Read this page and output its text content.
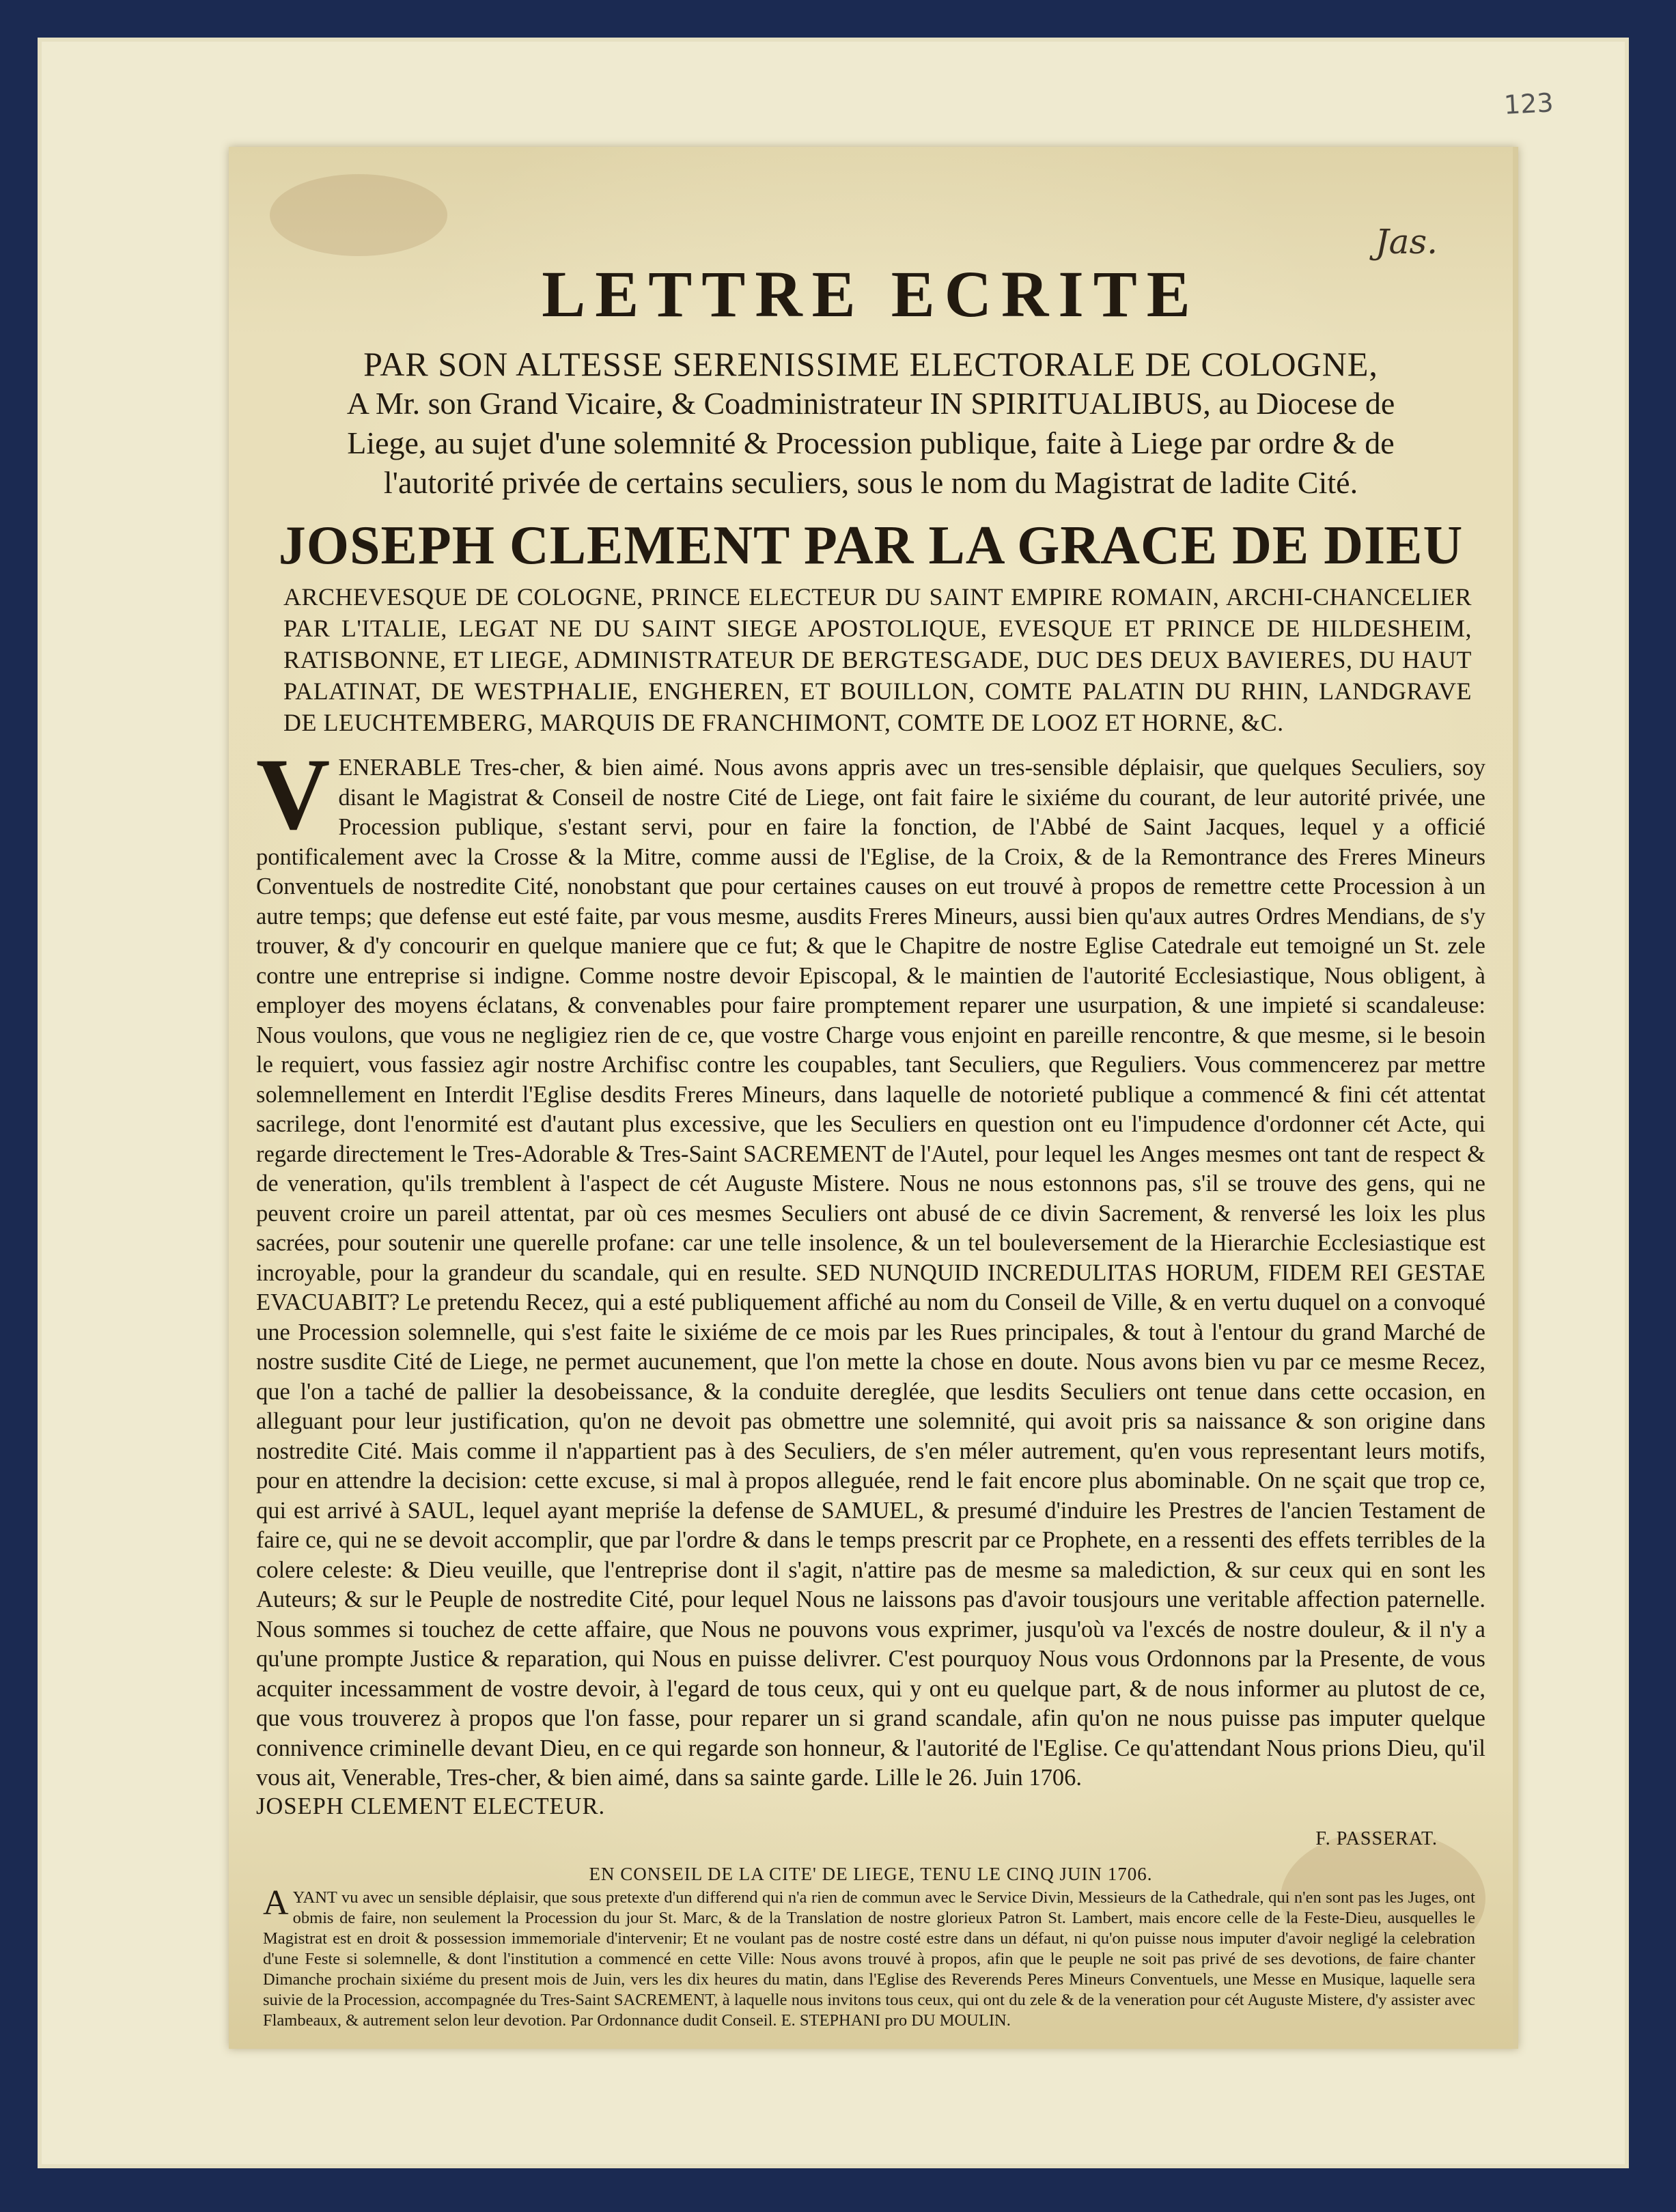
123
Jas.
LETTRE ECRITE

PAR SON ALTESSE SERENISSIME ELECTORALE DE COLOGNE,

A Mr. son Grand Vicaire, & Coadministrateur IN SPIRITUALIBUS, au Diocese de Liege, au sujet d'une solemnité & Procession publique, faite à Liege par ordre & de l'autorité privée de certains seculiers, sous le nom du Magistrat de ladite Cité.

JOSEPH CLEMENT PAR LA GRACE DE DIEU

ARCHEVESQUE DE COLOGNE, PRINCE ELECTEUR DU SAINT EMPIRE ROMAIN, ARCHI-CHANCELIER PAR L'ITALIE, LEGAT NE DU SAINT SIEGE APOSTOLIQUE, EVESQUE ET PRINCE DE HILDESHEIM, RATISBONNE, ET LIEGE, ADMINISTRATEUR DE BERGTESGADE, DUC DES DEUX BAVIERES, DU HAUT PALATINAT, DE WESTPHALIE, ENGHEREN, ET BOUILLON, COMTE PALATIN DU RHIN, LANDGRAVE DE LEUCHTEMBERG, MARQUIS DE FRANCHIMONT, COMTE DE LOOZ ET HORNE, &C.

V ENERABLE Tres-cher, & bien aimé. Nous avons appris avec un tres-sensible déplaisir, que quelques Seculiers, soy disant le Magistrat & Conseil de nostre Cité de Liege, ont fait faire le sixiéme du courant, de leur autorité privée, une Procession publique, s'estant servi, pour en faire la fonction, de l'Abbé de Saint Jacques, lequel y a officié pontificalement avec la Crosse & la Mitre, comme aussi de l'Eglise, de la Croix, & de la Remontrance des Freres Mineurs Conventuels de nostredite Cité, nonobstant que pour certaines causes on eut trouvé à propos de remettre cette Procession à un autre temps; que defense eut esté faite, par vous mesme, ausdits Freres Mineurs, aussi bien qu'aux autres Ordres Mendians, de s'y trouver, & d'y concourir en quelque maniere que ce fut; & que le Chapitre de nostre Eglise Catedrale eut temoigné un St. zele contre une entreprise si indigne. Comme nostre devoir Episcopal, & le maintien de l'autorité Ecclesiastique, Nous obligent, à employer des moyens éclatans, & convenables pour faire promptement reparer une usurpation, & une impieté si scandaleuse: Nous voulons, que vous ne negligiez rien de ce, que vostre Charge vous enjoint en pareille rencontre, & que mesme, si le besoin le requiert, vous fassiez agir nostre Archifisc contre les coupables, tant Seculiers, que Reguliers. Vous commencerez par mettre solemnellement en Interdit l'Eglise desdits Freres Mineurs, dans laquelle de notorieté publique a commencé & fini cét attentat sacrilege, dont l'enormité est d'autant plus excessive, que les Seculiers en question ont eu l'impudence d'ordonner cét Acte, qui regarde directement le Tres-Adorable & Tres-Saint SACREMENT de l'Autel, pour lequel les Anges mesmes ont tant de respect & de veneration, qu'ils tremblent à l'aspect de cét Auguste Mistere. Nous ne nous estonnons pas, s'il se trouve des gens, qui ne peuvent croire un pareil attentat, par où ces mesmes Seculiers ont abusé de ce divin Sacrement, & renversé les loix les plus sacrées, pour soutenir une querelle profane: car une telle insolence, & un tel bouleversement de la Hierarchie Ecclesiastique est incroyable, pour la grandeur du scandale, qui en resulte. SED NUNQUID INCREDULITAS HORUM, FIDEM REI GESTAE EVACUABIT? Le pretendu Recez, qui a esté publiquement affiché au nom du Conseil de Ville, & en vertu duquel on a convoqué une Procession solemnelle, qui s'est faite le sixiéme de ce mois par les Rues principales, & tout à l'entour du grand Marché de nostre susdite Cité de Liege, ne permet aucunement, que l'on mette la chose en doute. Nous avons bien vu par ce mesme Recez, que l'on a taché de pallier la desobeissance, & la conduite dereglée, que lesdits Seculiers ont tenue dans cette occasion, en alleguant pour leur justification, qu'on ne devoit pas obmettre une solemnité, qui avoit pris sa naissance & son origine dans nostredite Cité. Mais comme il n'appartient pas à des Seculiers, de s'en méler autrement, qu'en vous representant leurs motifs, pour en attendre la decision: cette excuse, si mal à propos alleguée, rend le fait encore plus abominable. On ne sçait que trop ce, qui est arrivé à SAUL, lequel ayant mepriśe la defense de SAMUEL, & presumé d'induire les Prestres de l'ancien Testament de faire ce, qui ne se devoit accomplir, que par l'ordre & dans le temps prescrit par ce Prophete, en a ressenti des effets terribles de la colere celeste: & Dieu veuille, que l'entreprise dont il s'agit, n'attire pas de mesme sa malediction, & sur ceux qui en sont les Auteurs; & sur le Peuple de nostredite Cité, pour lequel Nous ne laissons pas d'avoir tousjours une veritable affection paternelle. Nous sommes si touchez de cette affaire, que Nous ne pouvons vous exprimer, jusqu'où va l'excés de nostre douleur, & il n'y a qu'une prompte Justice & reparation, qui Nous en puisse delivrer. C'est pourquoy Nous vous Ordonnons par la Presente, de vous acquiter incessamment de vostre devoir, à l'egard de tous ceux, qui y ont eu quelque part, & de nous informer au plutost de ce, que vous trouverez à propos que l'on fasse, pour reparer un si grand scandale, afin qu'on ne nous puisse pas imputer quelque connivence criminelle devant Dieu, en ce qui regarde son honneur, & l'autorité de l'Eglise. Ce qu'attendant Nous prions Dieu, qu'il vous ait, Venerable, Tres-cher, & bien aimé, dans sa sainte garde. Lille le 26. Juin 1706.

JOSEPH CLEMENT ELECTEUR.

F. PASSERAT.

EN CONSEIL DE LA CITE' DE LIEGE, TENU LE CINQ JUIN 1706.

A YANT vu avec un sensible déplaisir, que sous pretexte d'un differend qui n'a rien de commun avec le Service Divin, Messieurs de la Cathedrale, qui n'en sont pas les Juges, ont obmis de faire, non seulement la Procession du jour St. Marc, & de la Translation de nostre glorieux Patron St. Lambert, mais encore celle de la Feste-Dieu, ausquelles le Magistrat est en droit & possession immemoriale d'intervenir; Et ne voulant pas de nostre costé estre dans un défaut, ni qu'on puisse nous imputer d'avoir negligé la celebration d'une Feste si solemnelle, & dont l'institution a commencé en cette Ville: Nous avons trouvé à propos, afin que le peuple ne soit pas privé de ses devotions, de faire chanter Dimanche prochain sixiéme du present mois de Juin, vers les dix heures du matin, dans l'Eglise des Reverends Peres Mineurs Conventuels, une Messe en Musique, laquelle sera suivie de la Procession, accompagnée du Tres-Saint SACREMENT, à laquelle nous invitons tous ceux, qui ont du zele & de la veneration pour cét Auguste Mistere, d'y assister avec Flambeaux, & autrement selon leur devotion. Par Ordonnance dudit Conseil. E. STEPHANI pro DU MOULIN.
